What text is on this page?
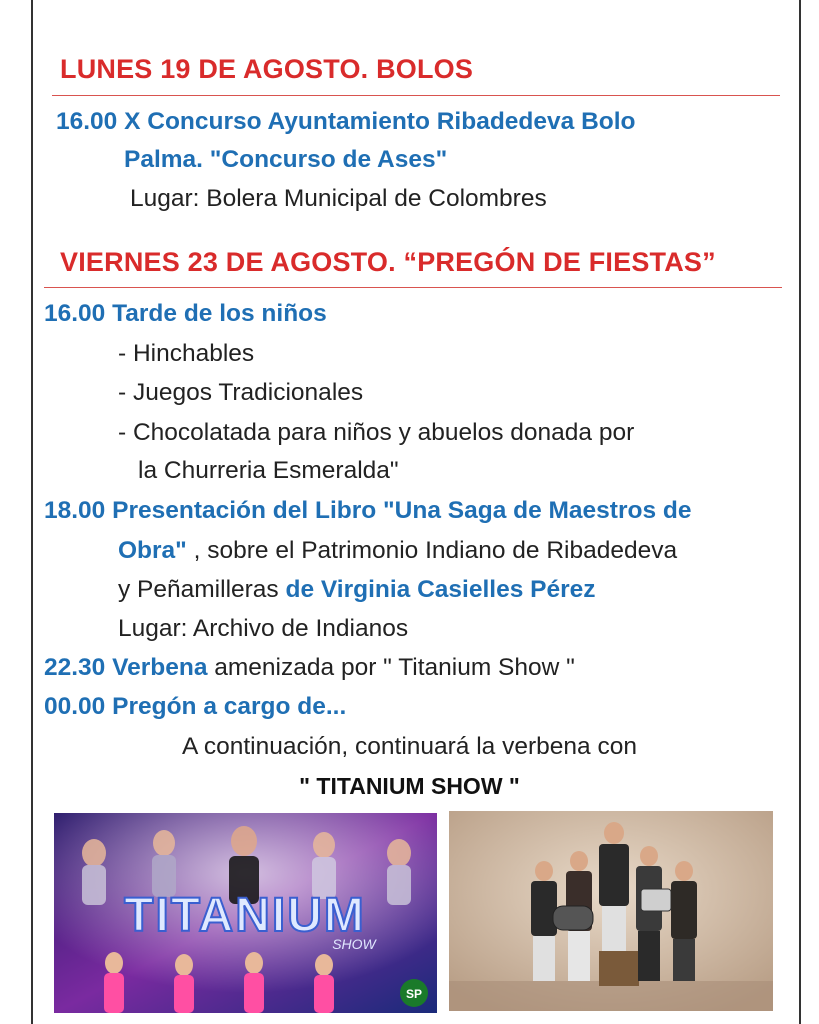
LUNES 19 DE AGOSTO. BOLOS
16.00 X Concurso Ayuntamiento Ribadedeva Bolo
Palma. "Concurso de Ases"
Lugar: Bolera Municipal de Colombres
VIERNES 23 DE AGOSTO. “PREGÓN DE FIESTAS”
16.00 Tarde de los niños
- Hinchables
- Juegos Tradicionales
- Chocolatada para niños y abuelos donada por
la Churreria Esmeralda"
18.00 Presentación del Libro "Una Saga de Maestros de
Obra" , sobre el Patrimonio Indiano de Ribadedeva
y Peñamilleras de Virginia Casielles Pérez
Lugar: Archivo de Indianos
22.30 Verbena amenizada por " Titanium Show "
00.00 Pregón a cargo de...
A continuación, continuará la verbena con
" TITANIUM SHOW "
TITANIUM
SHOW
SP
